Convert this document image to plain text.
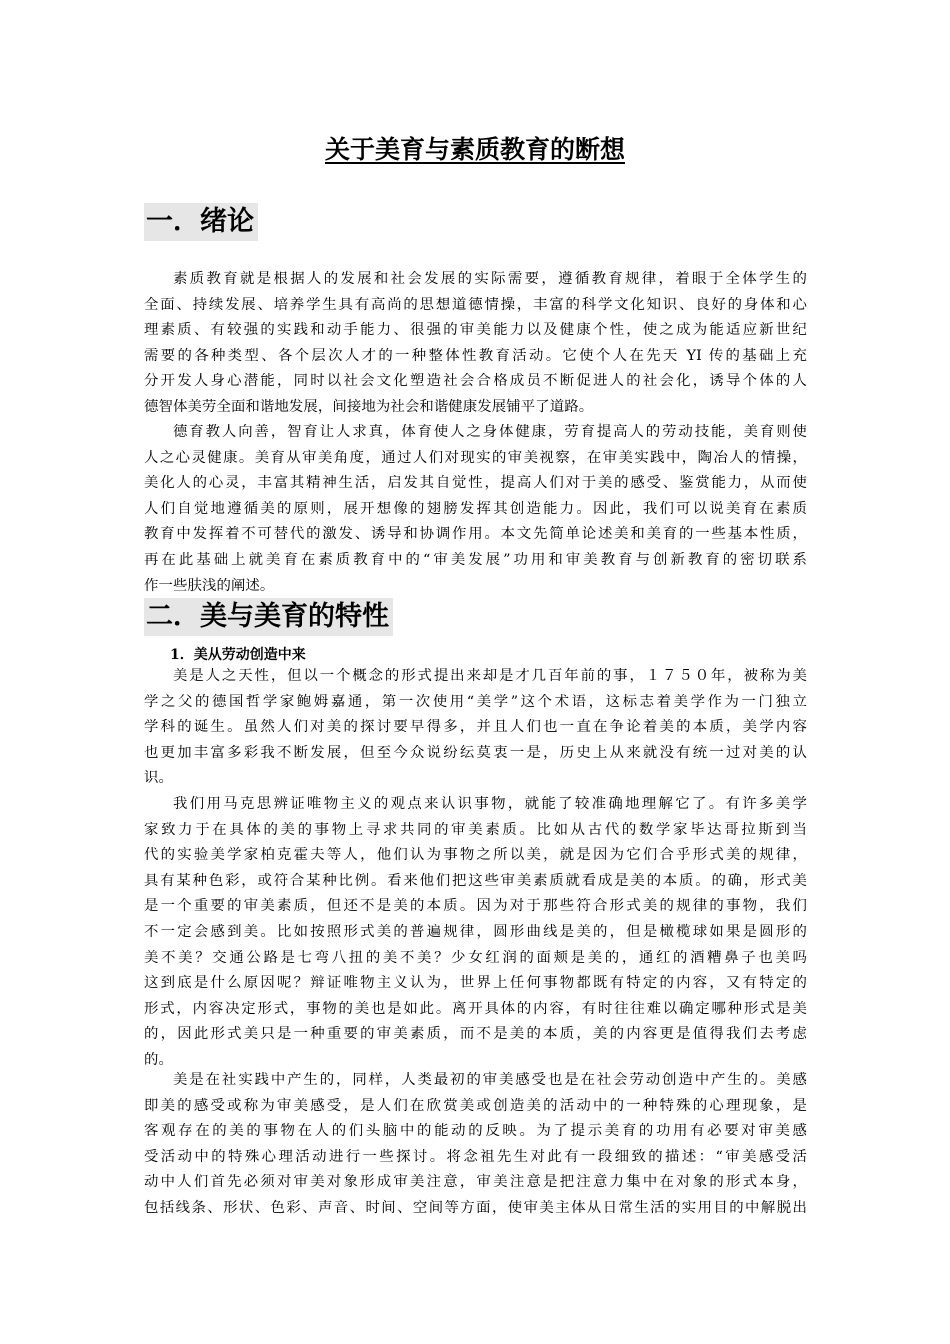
关于美育与素质教育的断想
一．绪论
素质教育就是根据人的发展和社会发展的实际需要，遵循教育规律，着眼于全体学生的
全面、持续发展、培养学生具有高尚的思想道德情操，丰富的科学文化知识、良好的身体和心
理素质、有较强的实践和动手能力、很强的审美能力以及健康个性，使之成为能适应新世纪
需要的各种类型、各个层次人才的一种整体性教育活动。它使个人在先天 YI 传的基础上充
分开发人身心潜能，同时以社会文化塑造社会合格成员不断促进人的社会化，诱导个体的人
德智体美劳全面和谐地发展，间接地为社会和谐健康发展铺平了道路。
德育教人向善，智育让人求真，体育使人之身体健康，劳育提高人的劳动技能，美育则使
人之心灵健康。美育从审美角度，通过人们对现实的审美视察，在审美实践中，陶冶人的情操，
美化人的心灵，丰富其精神生活，启发其自觉性，提高人们对于美的感受、鉴赏能力，从而使
人们自觉地遵循美的原则，展开想像的翅膀发挥其创造能力。因此，我们可以说美育在素质
教育中发挥着不可替代的激发、诱导和协调作用。本文先简单论述美和美育的一些基本性质，
再在此基础上就美育在素质教育中的“审美发展”功用和审美教育与创新教育的密切联系
作一些肤浅的阐述。
二．美与美育的特性
1．美从劳动创造中来
美是人之天性，但以一个概念的形式提出来却是才几百年前的事，１７５０年，被称为美
学之父的德国哲学家鲍姆嘉通，第一次使用“美学”这个术语，这标志着美学作为一门独立
学科的诞生。虽然人们对美的探讨要早得多，并且人们也一直在争论着美的本质，美学内容
也更加丰富多彩我不断发展，但至今众说纷纭莫衷一是，历史上从来就没有统一过对美的认
识。
我们用马克思辨证唯物主义的观点来认识事物，就能了较准确地理解它了。有许多美学
家致力于在具体的美的事物上寻求共同的审美素质。比如从古代的数学家毕达哥拉斯到当
代的实验美学家柏克霍夫等人，他们认为事物之所以美，就是因为它们合乎形式美的规律，
具有某种色彩，或符合某种比例。看来他们把这些审美素质就看成是美的本质。的确，形式美
是一个重要的审美素质，但还不是美的本质。因为对于那些符合形式美的规律的事物，我们
不一定会感到美。比如按照形式美的普遍规律，圆形曲线是美的，但是橄榄球如果是圆形的
美不美？交通公路是七弯八扭的美不美？少女红润的面颊是美的，通红的酒糟鼻子也美吗
这到底是什么原因呢？辩证唯物主义认为，世界上任何事物都既有特定的内容，又有特定的
形式，内容决定形式，事物的美也是如此。离开具体的内容，有时往往难以确定哪种形式是美
的，因此形式美只是一种重要的审美素质，而不是美的本质，美的内容更是值得我们去考虑
的。
美是在社实践中产生的，同样，人类最初的审美感受也是在社会劳动创造中产生的。美感
即美的感受或称为审美感受，是人们在欣赏美或创造美的活动中的一种特殊的心理现象，是
客观存在的美的事物在人的们头脑中的能动的反映。为了提示美育的功用有必要对审美感
受活动中的特殊心理活动进行一些探讨。将念祖先生对此有一段细致的描述：“审美感受活
动中人们首先必须对审美对象形成审美注意，审美注意是把注意力集中在对象的形式本身，
包括线条、形状、色彩、声音、时间、空间等方面，使审美主体从日常生活的实用目的中解脱出
